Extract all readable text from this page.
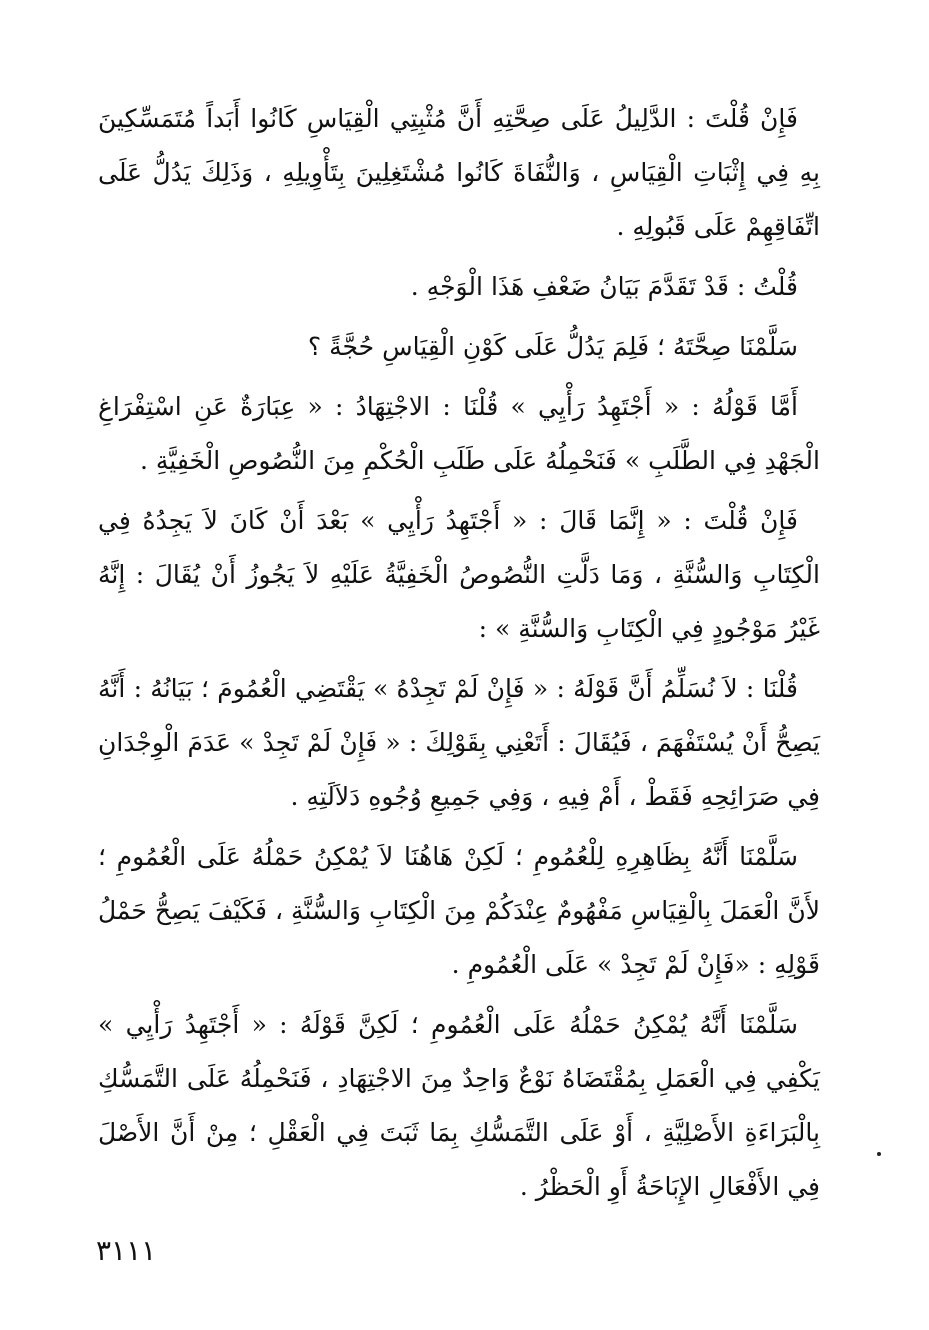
فَإِنْ قُلْتَ : الدَّلِيلُ عَلَى صِحَّتِهِ أَنَّ مُثْبِتِي الْقِيَاسِ كَانُوا أَبَداً مُتَمَسِّكِينَ بِهِ فِي إِثْبَاتِ الْقِيَاسِ ، وَالنُّفَاةَ كَانُوا مُشْتَغِلِينَ بِتَأْوِيلِهِ ، وَذَلِكَ يَدُلُّ عَلَى اتِّفَاقِهِمْ عَلَى قَبُولِهِ .

قُلْتُ : قَدْ تَقَدَّمَ بَيَانُ ضَعْفِ هَذَا الْوَجْهِ .

سَلَّمْنَا صِحَّتَهُ ؛ فَلِمَ يَدُلُّ عَلَى كَوْنِ الْقِيَاسِ حُجَّةً ؟

أَمَّا قَوْلُهُ : « أَجْتَهِدُ رَأْيِي » قُلْنَا : الاجْتِهَادُ : « عِبَارَةٌ عَنِ اسْتِفْرَاغِ الْجَهْدِ فِي الطَّلَبِ » فَنَحْمِلُهُ عَلَى طَلَبِ الْحُكْمِ مِنَ النُّصُوصِ الْخَفِيَّةِ .

فَإِنْ قُلْتَ : « إِنَّمَا قَالَ : « أَجْتَهِدُ رَأْيِي » بَعْدَ أَنْ كَانَ لاَ يَجِدُهُ فِي الْكِتَابِ وَالسُّنَّةِ ، وَمَا دَلَّتِ النُّصُوصُ الْخَفِيَّةُ عَلَيْهِ لاَ يَجُوزُ أَنْ يُقَالَ : إِنَّهُ غَيْرُ مَوْجُودٍ فِي الْكِتَابِ وَالسُّنَّةِ » :

قُلْنَا : لاَ نُسَلِّمُ أَنَّ قَوْلَهُ : « فَإِنْ لَمْ تَجِدْهُ » يَقْتَضِي الْعُمُومَ ؛ بَيَانُهُ : أَنَّهُ يَصِحُّ أَنْ يُسْتَفْهَمَ ، فَيُقَالَ : أَتَعْنِي بِقَوْلِكَ : « فَإِنْ لَمْ تَجِدْ » عَدَمَ الْوِجْدَانِ فِي صَرَائِحِهِ فَقَطْ ، أَمْ فِيهِ ، وَفِي جَمِيعِ وُجُوهِ دَلاَلَتِهِ .

سَلَّمْنَا أَنَّهُ بِظَاهِرِهِ لِلْعُمُومِ ؛ لَكِنْ هَاهُنَا لاَ يُمْكِنُ حَمْلُهُ عَلَى الْعُمُومِ ؛ لأَنَّ الْعَمَلَ بِالْقِيَاسِ مَفْهُومٌ عِنْدَكُمْ مِنَ الْكِتَابِ وَالسُّنَّةِ ، فَكَيْفَ يَصِحُّ حَمْلُ قَوْلِهِ : «فَإِنْ لَمْ تَجِدْ » عَلَى الْعُمُومِ .

سَلَّمْنَا أَنَّهُ يُمْكِنُ حَمْلُهُ عَلَى الْعُمُومِ ؛ لَكِنَّ قَوْلَهُ : « أَجْتَهِدُ رَأْيِي » يَكْفِي فِي الْعَمَلِ بِمُقْتَضَاهُ نَوْعٌ وَاحِدٌ مِنَ الاجْتِهَادِ ، فَنَحْمِلُهُ عَلَى التَّمَسُّكِ بِالْبَرَاءَةِ الأَصْلِيَّةِ ، أَوْ عَلَى التَّمَسُّكِ بِمَا ثَبَتَ فِي الْعَقْلِ ؛ مِنْ أَنَّ الأَصْلَ فِي الأَفْعَالِ الإِبَاحَةُ أَوِ الْحَظْرُ .

٣١١١
